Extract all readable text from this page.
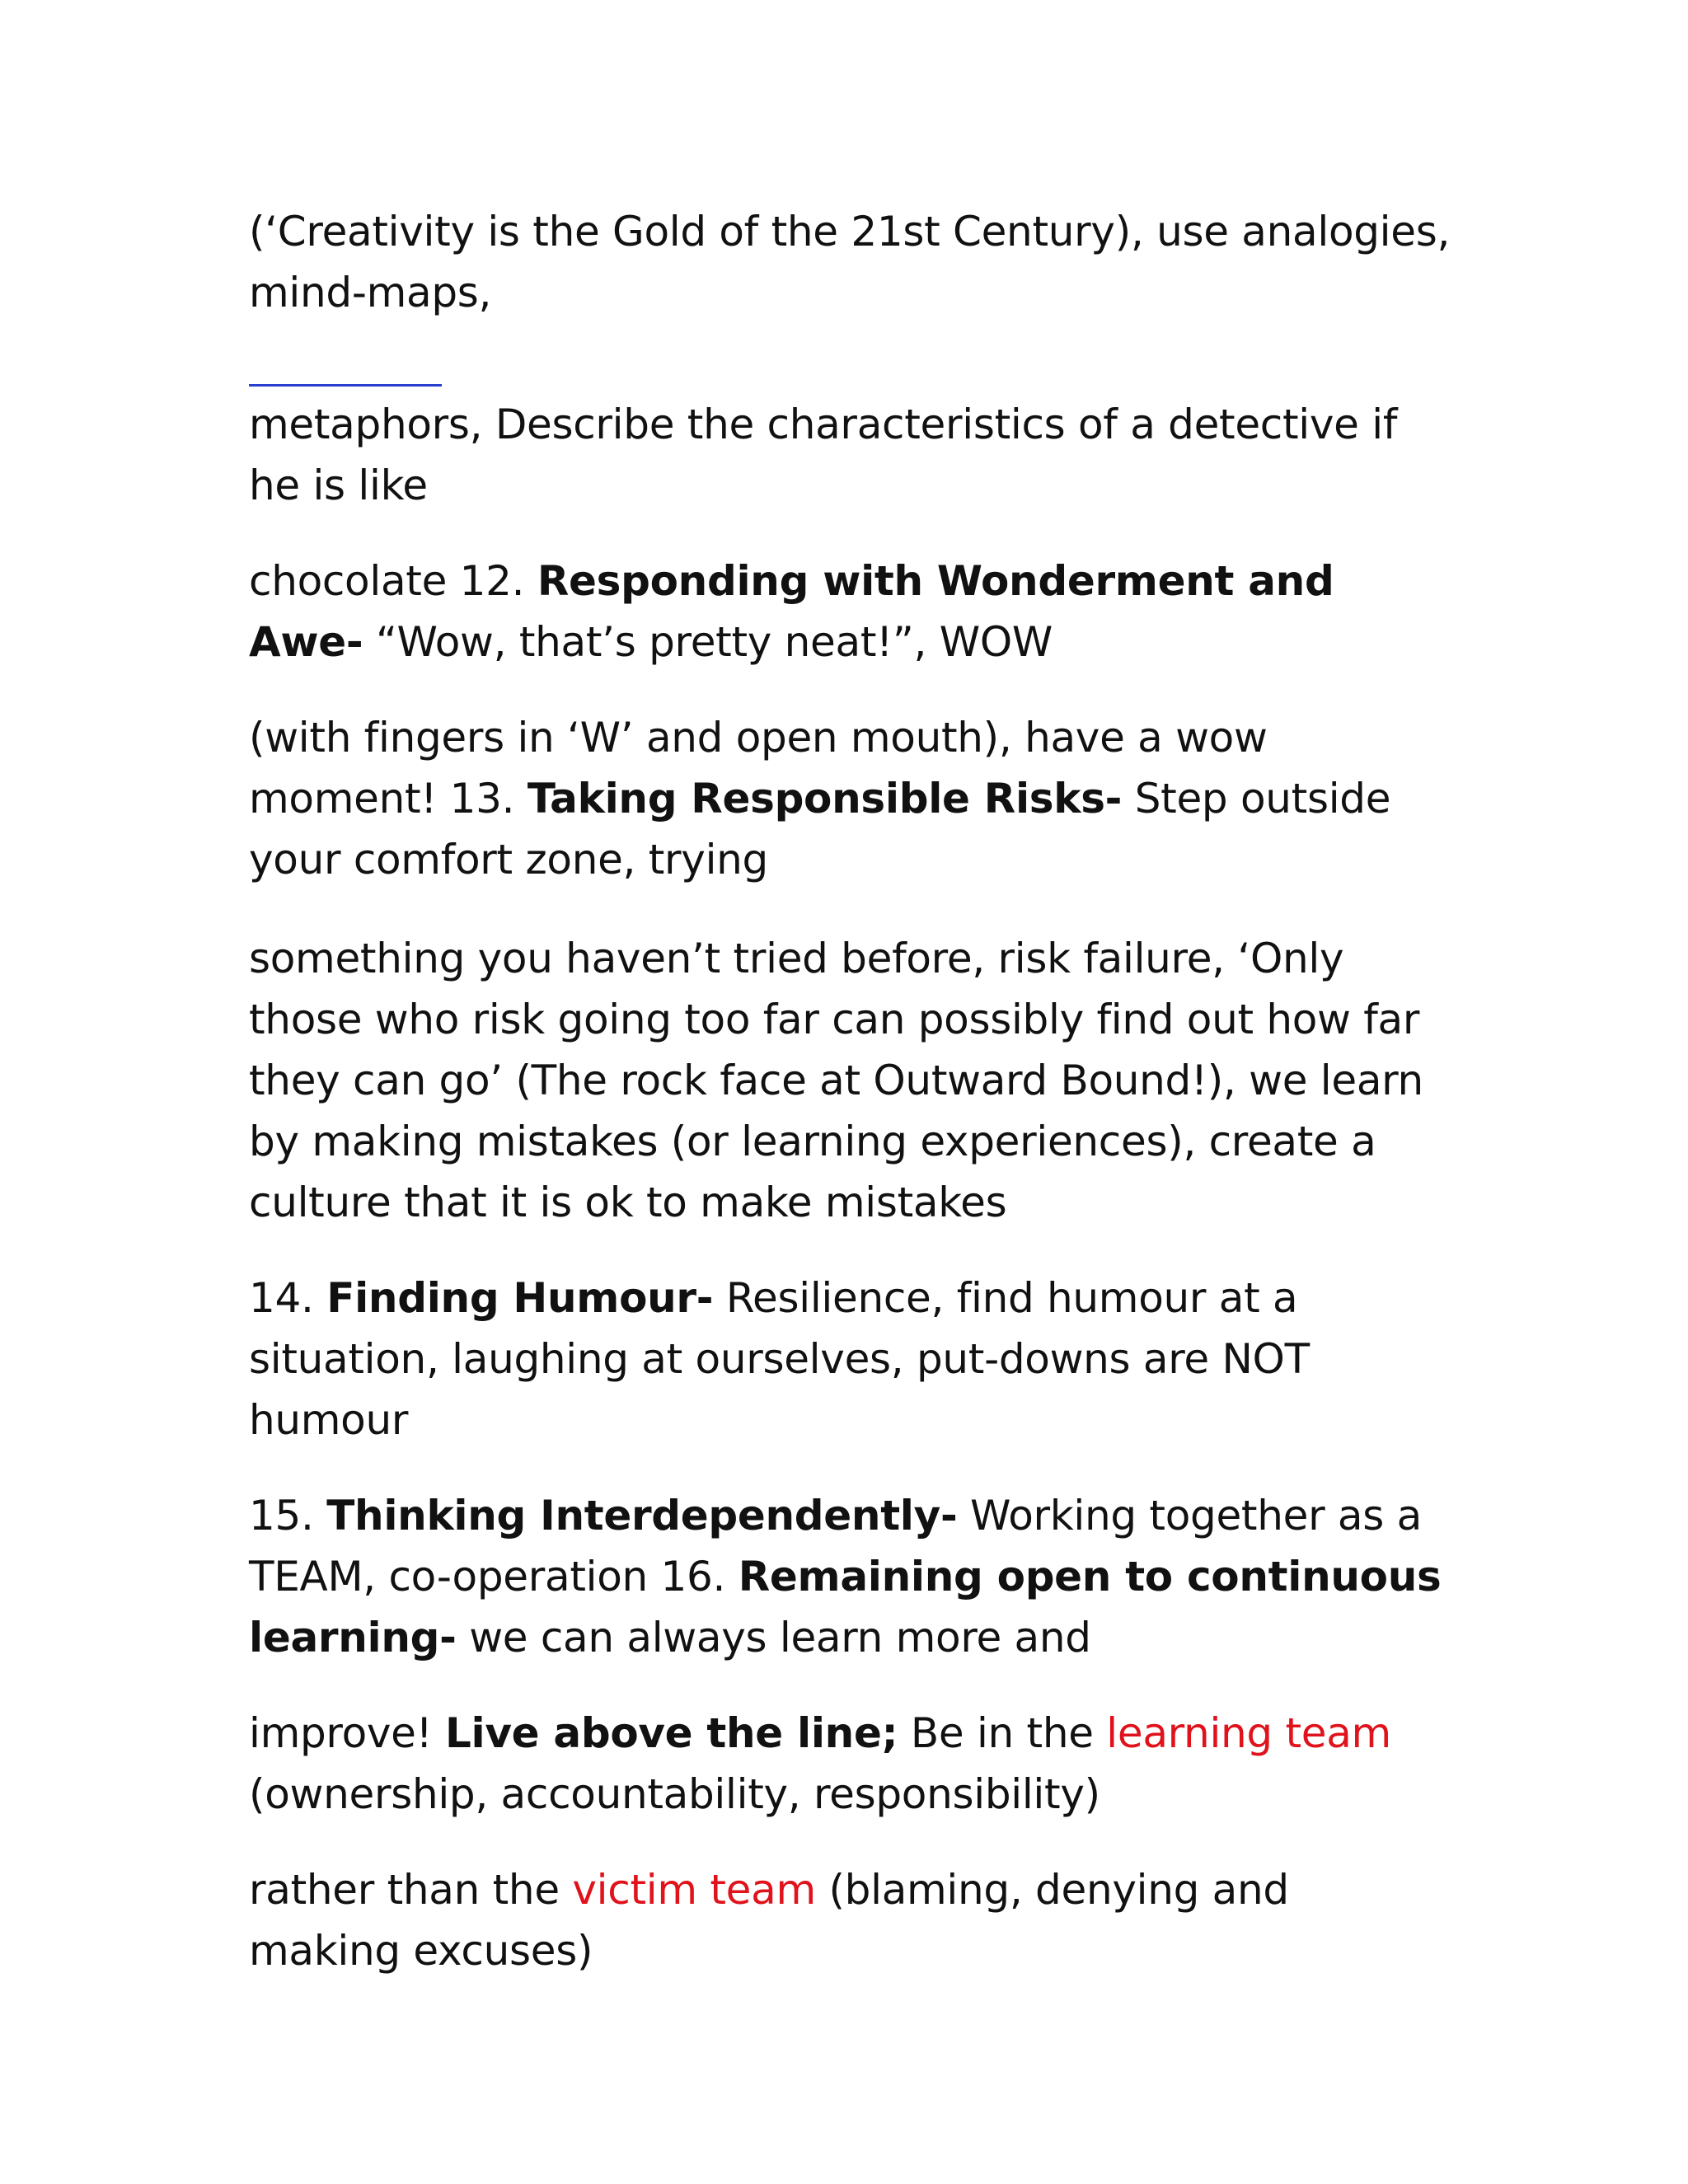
(‘Creativity is the Gold of the 21st Century), use analogies, mind-maps,

metaphors, Describe the characteristics of a detective if he is like

chocolate 12. Responding with Wonderment and Awe- “Wow, that’s pretty neat!”, WOW

(with fingers in ‘W’ and open mouth), have a wow moment! 13. Taking Responsible Risks- Step outside your comfort zone, trying

something you haven’t tried before, risk failure, ‘Only those who risk going too far can possibly find out how far they can go’ (The rock face at Outward Bound!), we learn by making mistakes (or learning experiences), create a culture that it is ok to make mistakes

14. Finding Humour- Resilience, find humour at a situation, laughing at ourselves, put-downs are NOT humour

15. Thinking Interdependently- Working together as a TEAM, co-operation 16. Remaining open to continuous learning- we can always learn more and

improve! Live above the line; Be in the learning team (ownership, accountability, responsibility)

rather than the victim team (blaming, denying and making excuses)
